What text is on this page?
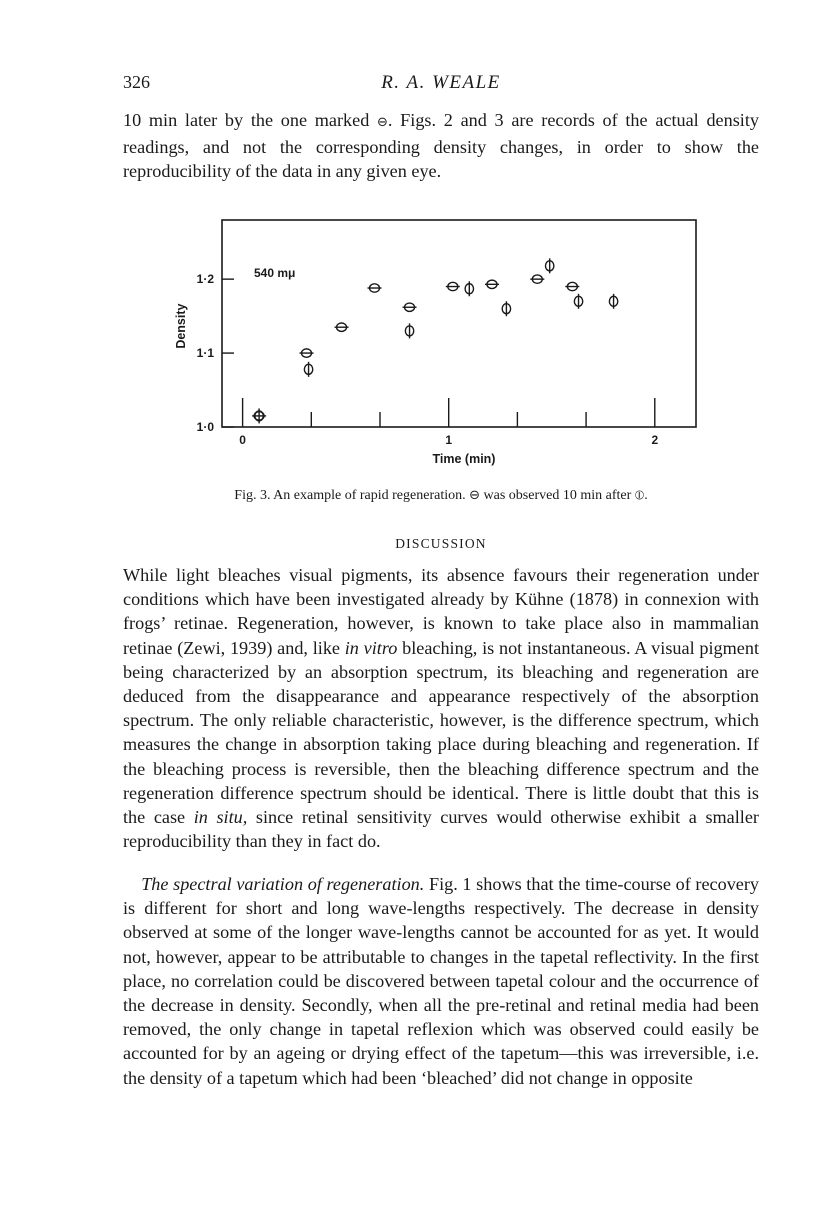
326	R. A. WEALE

10 min later by the one marked ⊖. Figs. 2 and 3 are records of the actual density readings, and not the corresponding density changes, in order to show the reproducibility of the data in any given eye.

1·0
1·1
1·2
0	1	2
Time (min)
Density
540 mμ
Fig. 3. An example of rapid regeneration. ⊖ was observed 10 min after ⦶.
DISCUSSION

While light bleaches visual pigments, its absence favours their regeneration under conditions which have been investigated already by Kühne (1878) in connexion with frogs’ retinae. Regeneration, however, is known to take place also in mammalian retinae (Zewi, 1939) and, like in vitro bleaching, is not instantaneous. A visual pigment being characterized by an absorption spectrum, its bleaching and regeneration are deduced from the disappearance and appearance respectively of the absorption spectrum. The only reliable characteristic, however, is the difference spectrum, which measures the change in absorption taking place during bleaching and regeneration. If the bleaching process is reversible, then the bleaching difference spectrum and the regeneration difference spectrum should be identical. There is little doubt that this is the case in situ, since retinal sensitivity curves would otherwise exhibit a smaller reproducibility than they in fact do.

 The spectral variation of regeneration. Fig. 1 shows that the time-course of recovery is different for short and long wave-lengths respectively. The decrease in density observed at some of the longer wave-lengths cannot be accounted for as yet. It would not, however, appear to be attributable to changes in the tapetal reflectivity. In the first place, no correlation could be discovered between tapetal colour and the occurrence of the decrease in density. Secondly, when all the pre-retinal and retinal media had been removed, the only change in tapetal reflexion which was observed could easily be accounted for by an ageing or drying effect of the tapetum—this was irreversible, i.e. the density of a tapetum which had been ‘bleached’ did not change in opposite
